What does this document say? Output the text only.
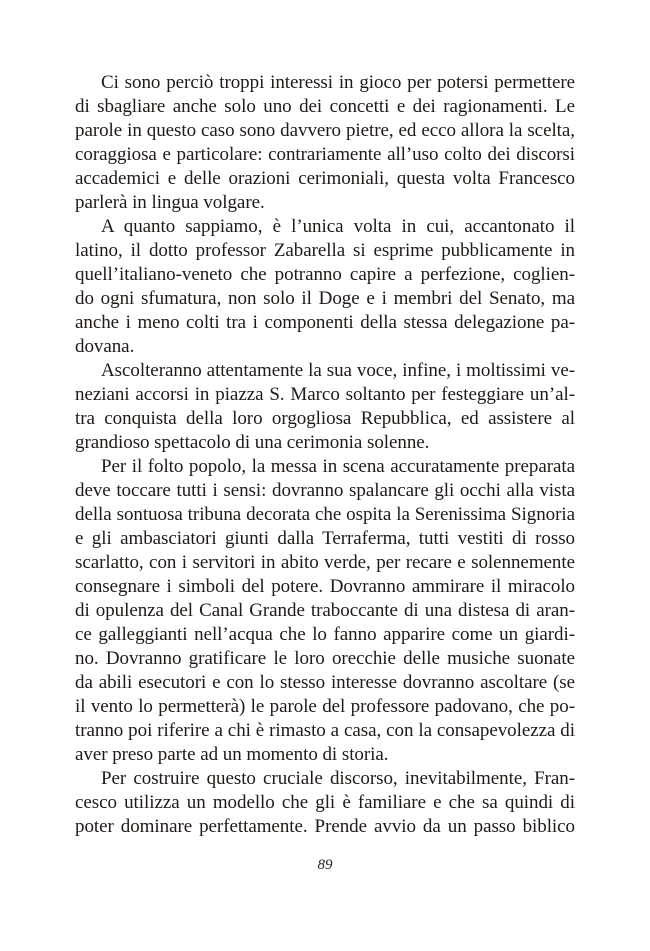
Ci sono perciò troppi interessi in gioco per potersi permettere
di sbagliare anche solo uno dei concetti e dei ragionamenti. Le
parole in questo caso sono davvero pietre, ed ecco allora la scelta,
coraggiosa e particolare: contrariamente all’uso colto dei discorsi
accademici e delle orazioni cerimoniali, questa volta Francesco
parlerà in lingua volgare.
A quanto sappiamo, è l’unica volta in cui, accantonato il
latino, il dotto professor Zabarella si esprime pubblicamente in
quell’italiano-veneto che potranno capire a perfezione, coglien-
do ogni sfumatura, non solo il Doge e i membri del Senato, ma
anche i meno colti tra i componenti della stessa delegazione pa-
dovana.
Ascolteranno attentamente la sua voce, infine, i moltissimi ve-
neziani accorsi in piazza S. Marco soltanto per festeggiare un’al-
tra conquista della loro orgogliosa Repubblica, ed assistere al
grandioso spettacolo di una cerimonia solenne.
Per il folto popolo, la messa in scena accuratamente preparata
deve toccare tutti i sensi: dovranno spalancare gli occhi alla vista
della sontuosa tribuna decorata che ospita la Serenissima Signoria
e gli ambasciatori giunti dalla Terraferma, tutti vestiti di rosso
scarlatto, con i servitori in abito verde, per recare e solennemente
consegnare i simboli del potere. Dovranno ammirare il miracolo
di opulenza del Canal Grande traboccante di una distesa di aran-
ce galleggianti nell’acqua che lo fanno apparire come un giardi-
no. Dovranno gratificare le loro orecchie delle musiche suonate
da abili esecutori e con lo stesso interesse dovranno ascoltare (se
il vento lo permetterà) le parole del professore padovano, che po-
tranno poi riferire a chi è rimasto a casa, con la consapevolezza di
aver preso parte ad un momento di storia.
Per costruire questo cruciale discorso, inevitabilmente, Fran-
cesco utilizza un modello che gli è familiare e che sa quindi di
poter dominare perfettamente. Prende avvio da un passo biblico
89
